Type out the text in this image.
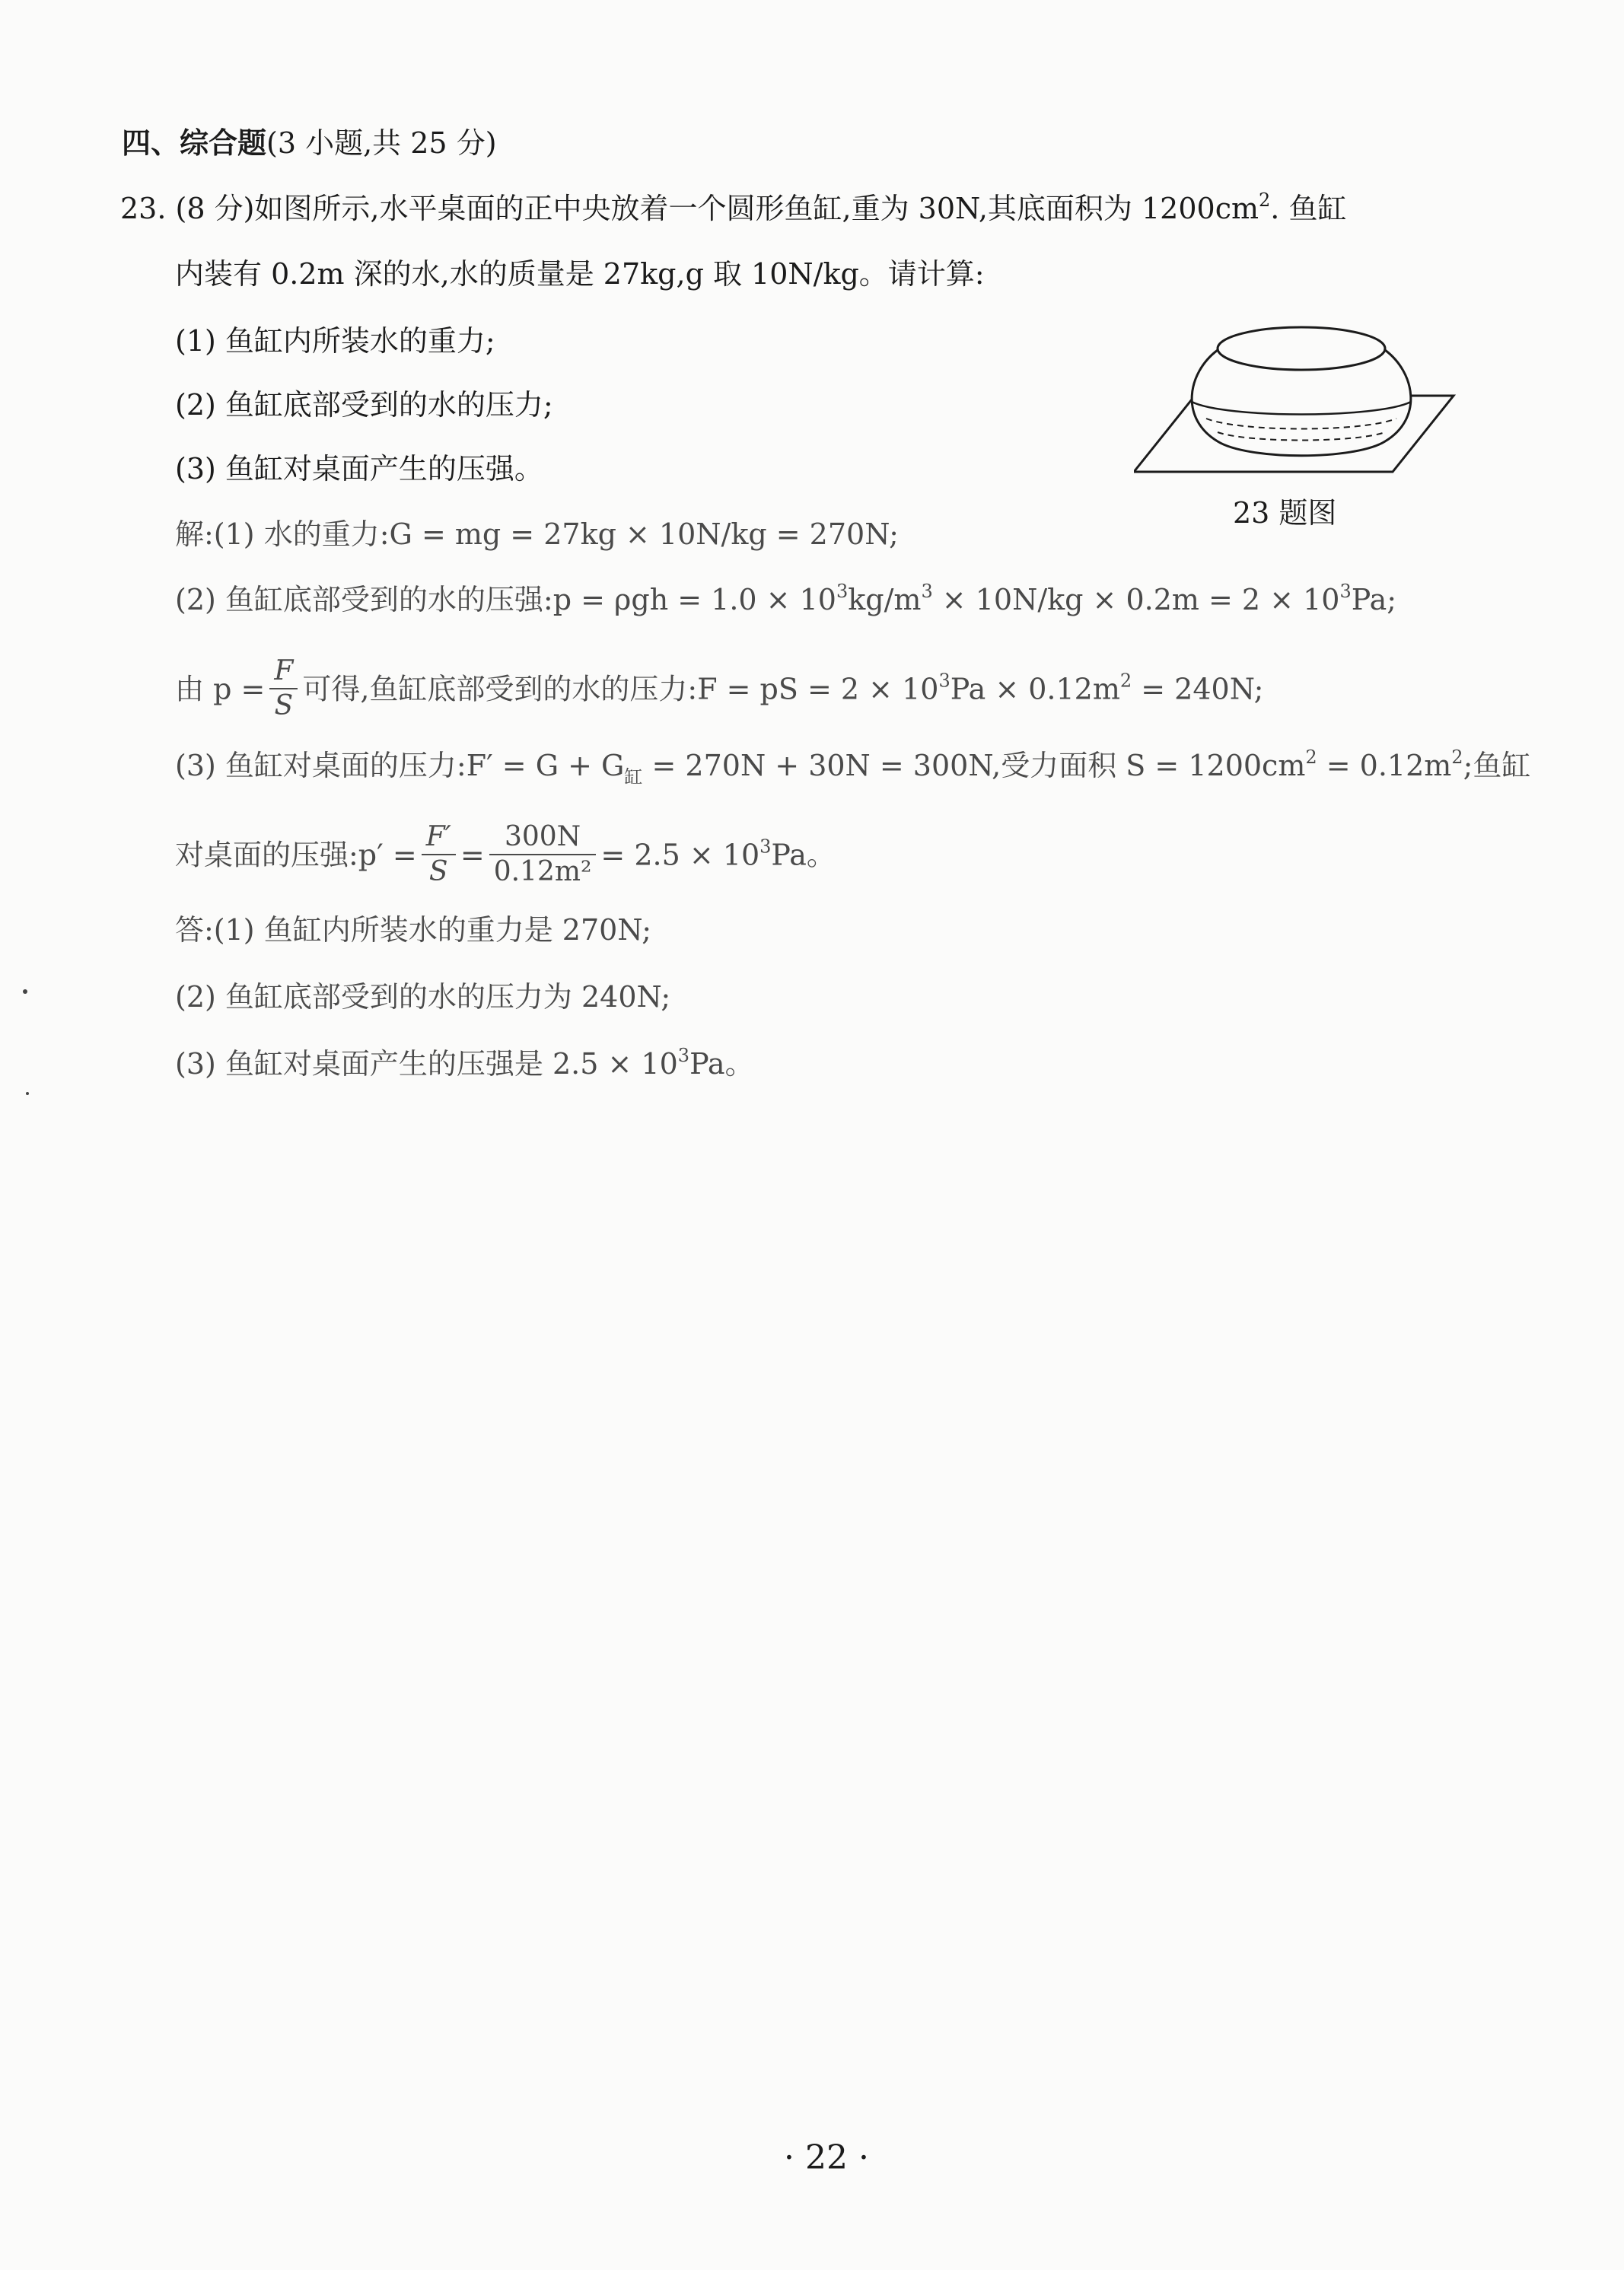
四、综合题(3 小题,共 25 分)
23. (8 分)如图所示,水平桌面的正中央放着一个圆形鱼缸,重为 30N,其底面积为 $1200cm^2$. 鱼缸
内装有 0.2m 深的水,水的质量是 27kg,g 取 10N/kg。请计算:
(1) 鱼缸内所装水的重力;
(2) 鱼缸底部受到的水的压力;
(3) 鱼缸对桌面产生的压强。
23 题图
解:(1) 水的重力:G = mg = 27kg × 10N/kg = 270N;
(2) 鱼缸底部受到的水的压强:p = $\rho gh = 1.0 \times 10^3kg/m^3 \times 10N/kg \times 0.2m = 2 \times 10^3Pa$;
由 $p = \frac{F}{S}$ 可得,鱼缸底部受到的水的压力:F = pS = $2 \times 10^3Pa \times 0.12m^2 = 240N$;
(3) 鱼缸对桌面的压力:F′ = $G + G_缸 = 270N + 30N = 300N$,受力面积 $S = 1200cm^2 = 0.12m^2$;鱼缸
对桌面的压强:p′ = $\frac{F'}{S} = \frac{300N}{\text{0.12m²}} = 2.5 \times 10^3Pa$。
答:(1) 鱼缸内所装水的重力是 270N;
(2) 鱼缸底部受到的水的压力为 240N;
(3) 鱼缸对桌面产生的压强是 $2.5 \times 10^3Pa$。
· 22 ·
